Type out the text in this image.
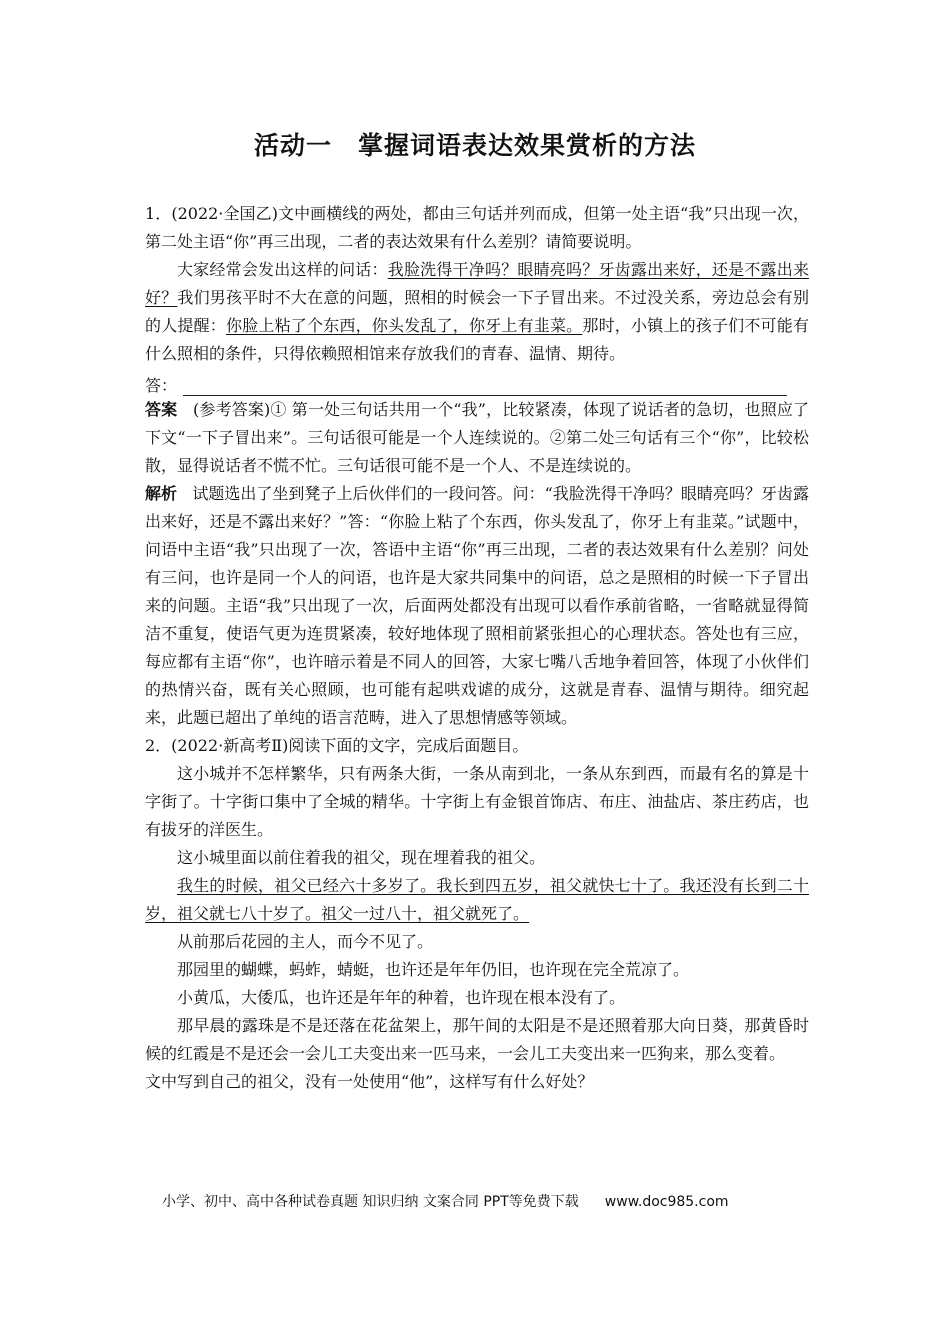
活动一　掌握词语表达效果赏析的方法

1．(2022·全国乙)文中画横线的两处，都由三句话并列而成，但第一处主语“我”只出现一次，第二处主语“你”再三出现，二者的表达效果有什么差别？请简要说明。

大家经常会发出这样的问话：我脸洗得干净吗？眼睛亮吗？牙齿露出来好，还是不露出来好？我们男孩平时不大在意的问题，照相的时候会一下子冒出来。不过没关系，旁边总会有别的人提醒：你脸上粘了个东西，你头发乱了，你牙上有韭菜。那时，小镇上的孩子们不可能有什么照相的条件，只得依赖照相馆来存放我们的青春、温情、期待。

答：

答案 (参考答案)① 第一处三句话共用一个“我”，比较紧凑，体现了说话者的急切，也照应了下文“一下子冒出来”。三句话很可能是一个人连续说的。②第二处三句话有三个“你”，比较松散，显得说话者不慌不忙。三句话很可能不是一个人、不是连续说的。

解析 试题选出了坐到凳子上后伙伴们的一段问答。问：“我脸洗得干净吗？眼睛亮吗？牙齿露出来好，还是不露出来好？”答：“你脸上粘了个东西，你头发乱了，你牙上有韭菜。”试题中，问语中主语“我”只出现了一次，答语中主语“你”再三出现，二者的表达效果有什么差别？问处有三问，也许是同一个人的问语，也许是大家共同集中的问语，总之是照相的时候一下子冒出来的问题。主语“我”只出现了一次，后面两处都没有出现可以看作承前省略，一省略就显得简洁不重复，使语气更为连贯紧凑，较好地体现了照相前紧张担心的心理状态。答处也有三应，每应都有主语“你”，也许暗示着是不同人的回答，大家七嘴八舌地争着回答，体现了小伙伴们的热情兴奋，既有关心照顾，也可能有起哄戏谑的成分，这就是青春、温情与期待。细究起来，此题已超出了单纯的语言范畴，进入了思想情感等领域。

2．(2022·新高考Ⅱ)阅读下面的文字，完成后面题目。

这小城并不怎样繁华，只有两条大街，一条从南到北，一条从东到西，而最有名的算是十字街了。十字街口集中了全城的精华。十字街上有金银首饰店、布庄、油盐店、茶庄药店，也有拔牙的洋医生。

这小城里面以前住着我的祖父，现在埋着我的祖父。

我生的时候，祖父已经六十多岁了。我长到四五岁，祖父就快七十了。我还没有长到二十岁，祖父就七八十岁了。祖父一过八十，祖父就死了。

从前那后花园的主人，而今不见了。

那园里的蝴蝶，蚂蚱，蜻蜓，也许还是年年仍旧，也许现在完全荒凉了。

小黄瓜，大倭瓜，也许还是年年的种着，也许现在根本没有了。

那早晨的露珠是不是还落在花盆架上，那午间的太阳是不是还照着那大向日葵，那黄昏时候的红霞是不是还会一会儿工夫变出来一匹马来，一会儿工夫变出来一匹狗来，那么变着。

文中写到自己的祖父，没有一处使用“他”，这样写有什么好处？

小学、初中、高中各种试卷真题 知识归纳 文案合同 PPT等免费下载 www.doc985.com
